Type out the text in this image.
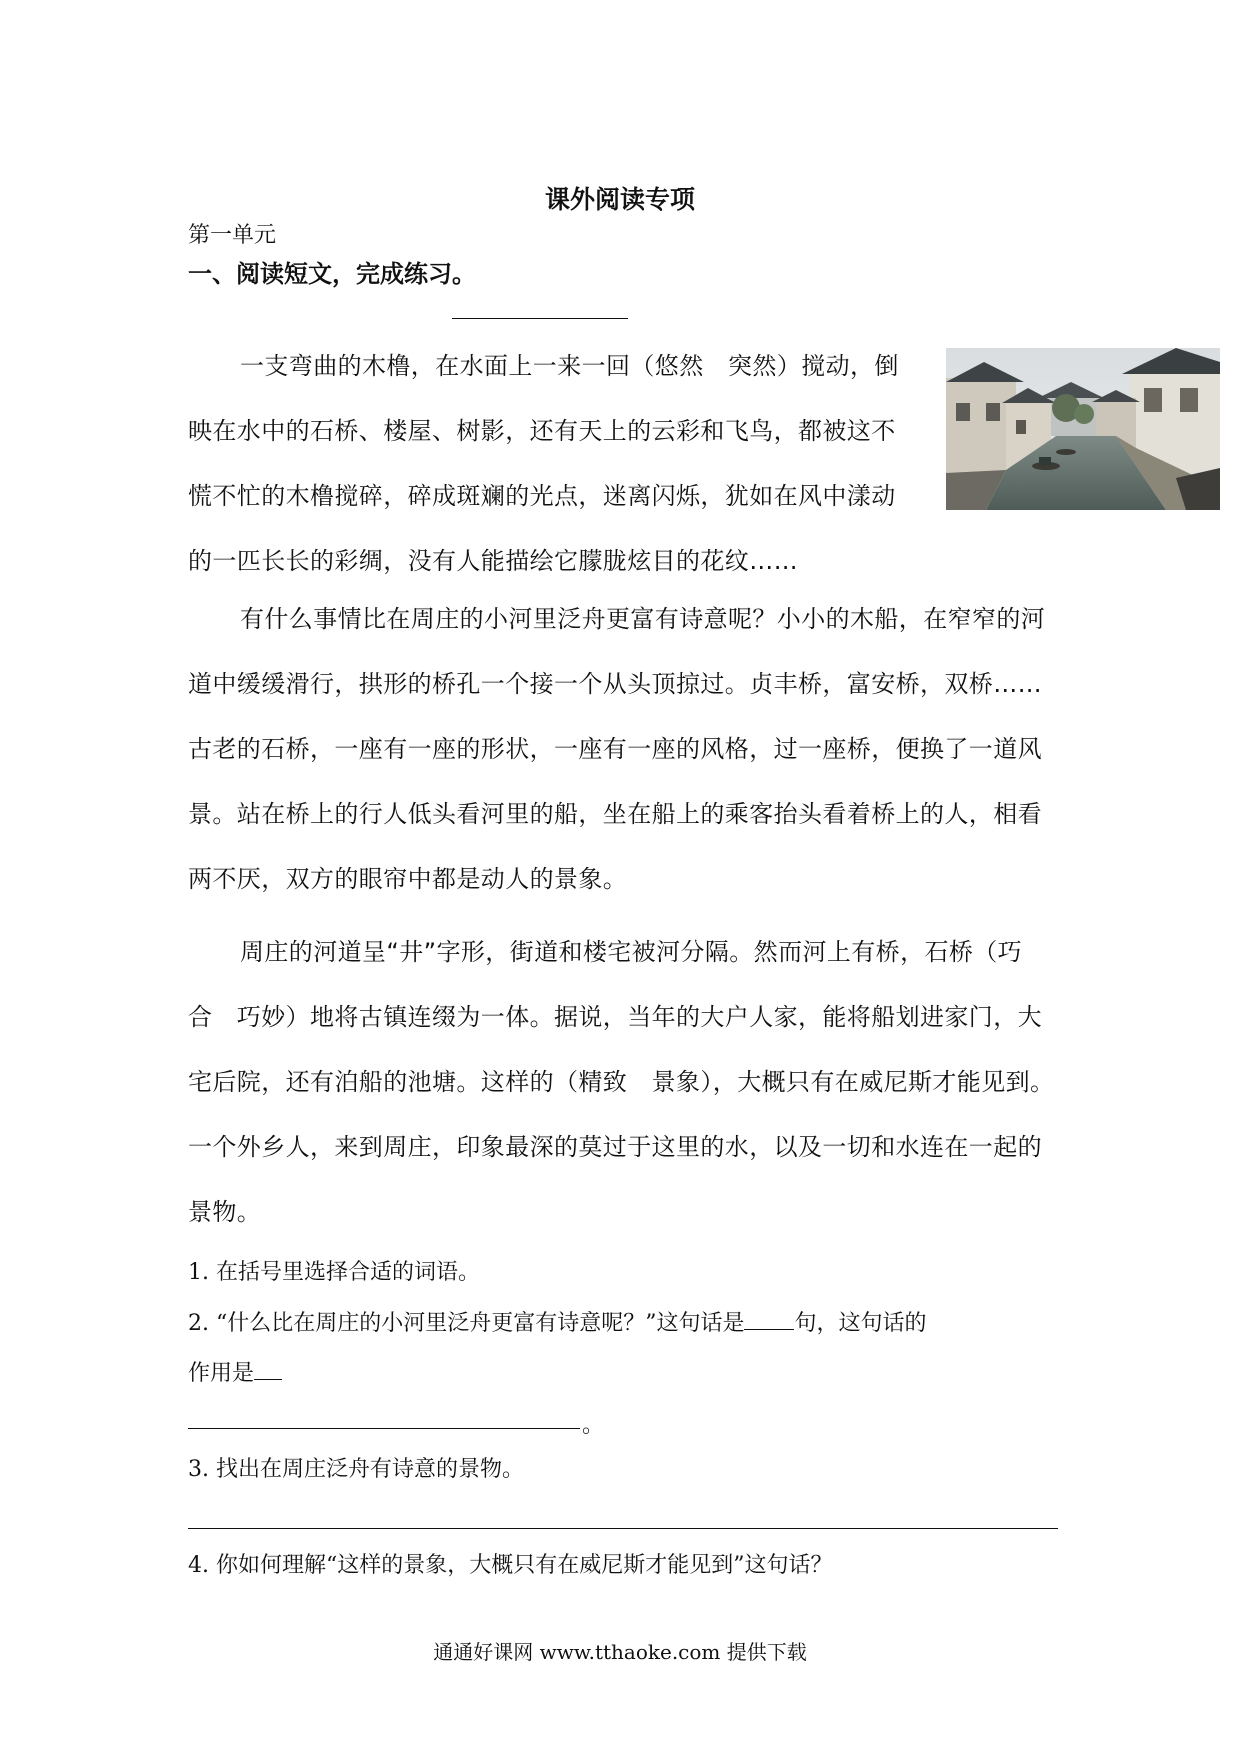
课外阅读专项
第一单元
一、阅读短文，完成练习。
一支弯曲的木橹，在水面上一来一回（悠然　突然）搅动，倒
映在水中的石桥、楼屋、树影，还有天上的云彩和飞鸟，都被这不
慌不忙的木橹搅碎，碎成斑斓的光点，迷离闪烁，犹如在风中漾动
的一匹长长的彩绸，没有人能描绘它朦胧炫目的花纹……
有什么事情比在周庄的小河里泛舟更富有诗意呢？小小的木船，在窄窄的河
道中缓缓滑行，拱形的桥孔一个接一个从头顶掠过。贞丰桥，富安桥，双桥……
古老的石桥，一座有一座的形状，一座有一座的风格，过一座桥，便换了一道风
景。站在桥上的行人低头看河里的船，坐在船上的乘客抬头看着桥上的人，相看
两不厌，双方的眼帘中都是动人的景象。
周庄的河道呈“井”字形，街道和楼宅被河分隔。然而河上有桥，石桥（巧
合　巧妙）地将古镇连缀为一体。据说，当年的大户人家，能将船划进家门，大
宅后院，还有泊船的池塘。这样的（精致　景象），大概只有在威尼斯才能见到。
一个外乡人，来到周庄，印象最深的莫过于这里的水，以及一切和水连在一起的
景物。
1. 在括号里选择合适的词语。
2. “什么比在周庄的小河里泛舟更富有诗意呢？”这句话是 句，这句话的
作用是
。
3. 找出在周庄泛舟有诗意的景物。
4. 你如何理解“这样的景象，大概只有在威尼斯才能见到”这句话？
通通好课网 www.tthaoke.com 提供下载
